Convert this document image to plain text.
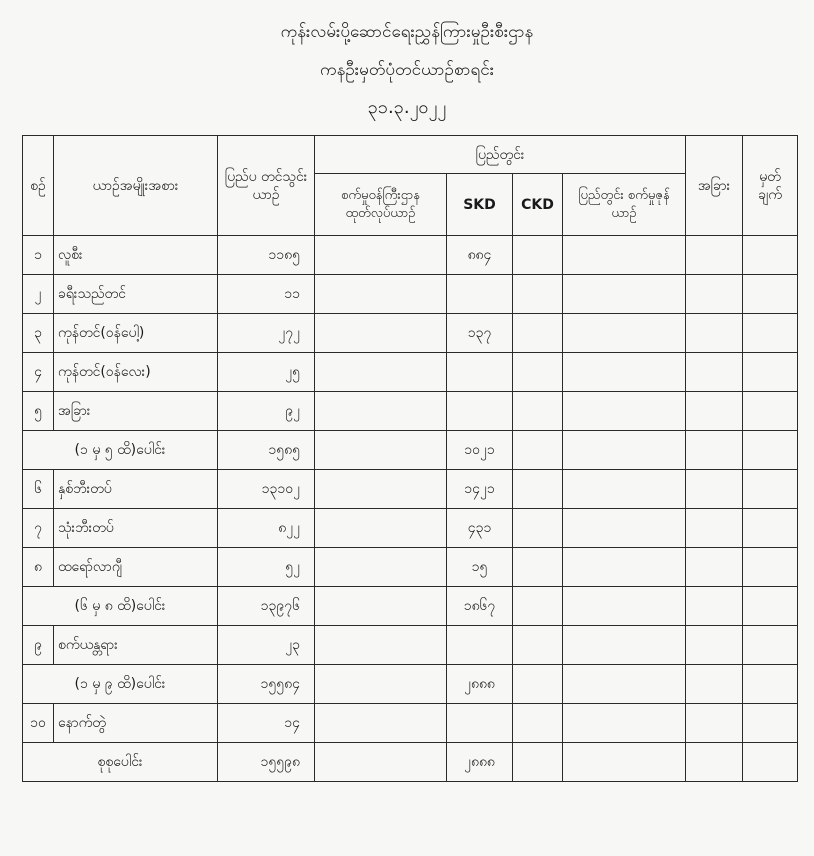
ကုန်းလမ်းပို့ဆောင်ရေးညွှန်ကြားမှုဦးစီးဌာန
ကနဦးမှတ်ပုံတင်ယာဉ်စာရင်း
၃၁.၃.၂၀၂၂
စဉ်	ယာဉ်အမျိုးအစား	ပြည်ပ တင်သွင်းယာဉ်	ပြည်တွင်း				အခြား	မှတ် ချက်
			စက်မှုဝန်ကြီးဌာန ထုတ်လုပ်ယာဉ်	SKD	CKD	ပြည်တွင်း စက်မှုဇုန်ယာဉ်		
၁	လူစီး	၁၁၈၅		၈၈၄				
၂	ခရီးသည်တင်	၁၁						
၃	ကုန်တင်(ဝန်ပေါ့)	၂၇၂		၁၃၇				
၄	ကုန်တင်(ဝန်လေး)	၂၅						
၅	အခြား	၉၂						
(၁ မှ ၅ ထိ)ပေါင်း		၁၅၈၅		၁၀၂၁				
၆	နှစ်ဘီးတပ်	၁၃၁၀၂		၁၄၂၁				
၇	သုံးဘီးတပ်	၈၂၂		၄၃၁				
၈	ထရော်လာဂျီ	၅၂		၁၅				
(၆ မှ ၈ ထိ)ပေါင်း		၁၃၉၇၆		၁၈၆၇				
၉	စက်ယန္တရား	၂၃						
(၁ မှ ၉ ထိ)ပေါင်း		၁၅၅၈၄		၂၈၈၈				
၁၀	နောက်တွဲ	၁၄						
စုစုပေါင်း		၁၅၅၉၈		၂၈၈၈				
